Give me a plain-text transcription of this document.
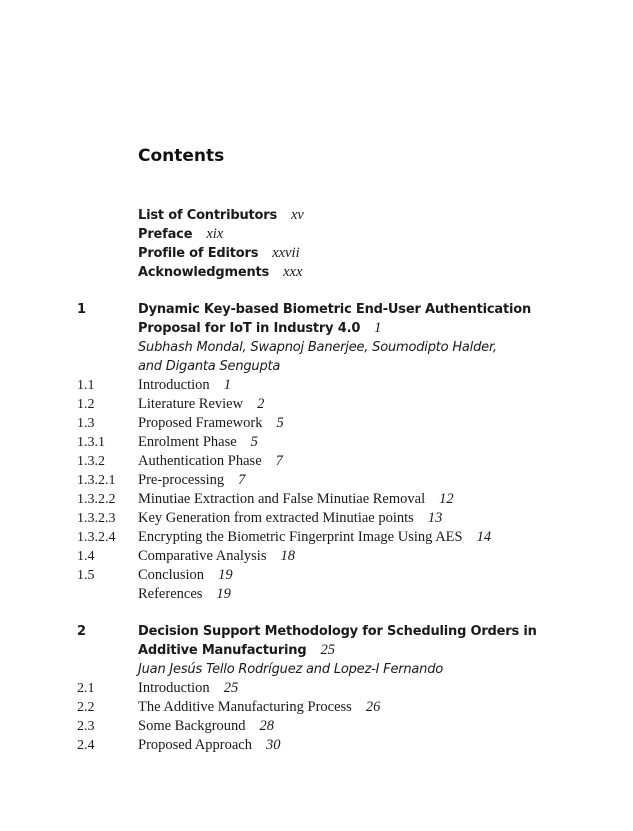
Contents
List of Contributors xv
Preface xix
Profile of Editors xxvii
Acknowledgments xxx
1	Dynamic Key-based Biometric End-User Authentication
Proposal for IoT in Industry 4.0 1
Subhash Mondal, Swapnoj Banerjee, Soumodipto Halder,
and Diganta Sengupta
1.1	Introduction 1
1.2	Literature Review 2
1.3	Proposed Framework 5
1.3.1 Enrolment Phase 5
1.3.2 Authentication Phase 7
1.3.2.1 Pre-processing 7
1.3.2.2 Minutiae Extraction and False Minutiae Removal 12
1.3.2.3 Key Generation from extracted Minutiae points 13
1.3.2.4 Encrypting the Biometric Fingerprint Image Using AES 14
1.4	Comparative Analysis 18
1.5	Conclusion 19
References 19
2	Decision Support Methodology for Scheduling Orders in
Additive Manufacturing 25
Juan Jesús Tello Rodríguez and Lopez-I Fernando
2.1	Introduction 25
2.2	The Additive Manufacturing Process 26
2.3	Some Background 28
2.4	Proposed Approach 30
